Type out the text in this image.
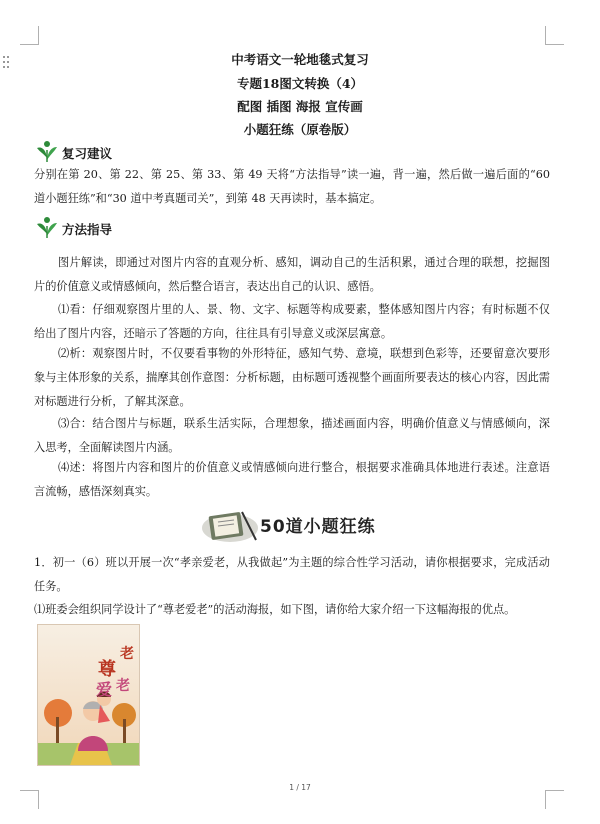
中考语文一轮地毯式复习
专题18图文转换（4）
配图 插图 海报 宣传画
小题狂练（原卷版）
复习建议
分别在第 20、第 22、第 25、第 33、第 49 天将“方法指导”读一遍，背一遍，然后做一遍后面的“60 道小题狂练”和“30 道中考真题司关”，到第 48 天再读时，基本搞定。
方法指导
图片解读，即通过对图片内容的直观分析、感知，调动自己的生活积累，通过合理的联想，挖掘图片的价值意义或情感倾向，然后整合语言，表达出自己的认识、感悟。
⑴看：仔细观察图片里的人、景、物、文字、标题等构成要素，整体感知图片内容；有时标题不仅给出了图片内容，还暗示了答题的方向，往往具有引导意义或深层寓意。
⑵析：观察图片时，不仅要看事物的外形特征，感知气势、意境，联想到色彩等，还要留意次要形象与主体形象的关系，揣摩其创作意图：分析标题，由标题可透视整个画面所要表达的核心内容，因此需对标题进行分析，了解其深意。
⑶合：结合图片与标题，联系生活实际，合理想象，描述画面内容，明确价值意义与情感倾向，深入思考，全面解读图片内涵。
⑷述：将图片内容和图片的价值意义或情感倾向进行整合，根据要求准确具体地进行表述。注意语言流畅，感悟深刻真实。
50道小题狂练
1．初一（6）班以开展一次“孝亲爱老，从我做起”为主题的综合性学习活动，请你根据要求，完成活动任务。
⑴班委会组织同学设计了“尊老爱老”的活动海报，如下图，请你给大家介绍一下这幅海报的优点。
尊
老
爱 老
1 / 17
